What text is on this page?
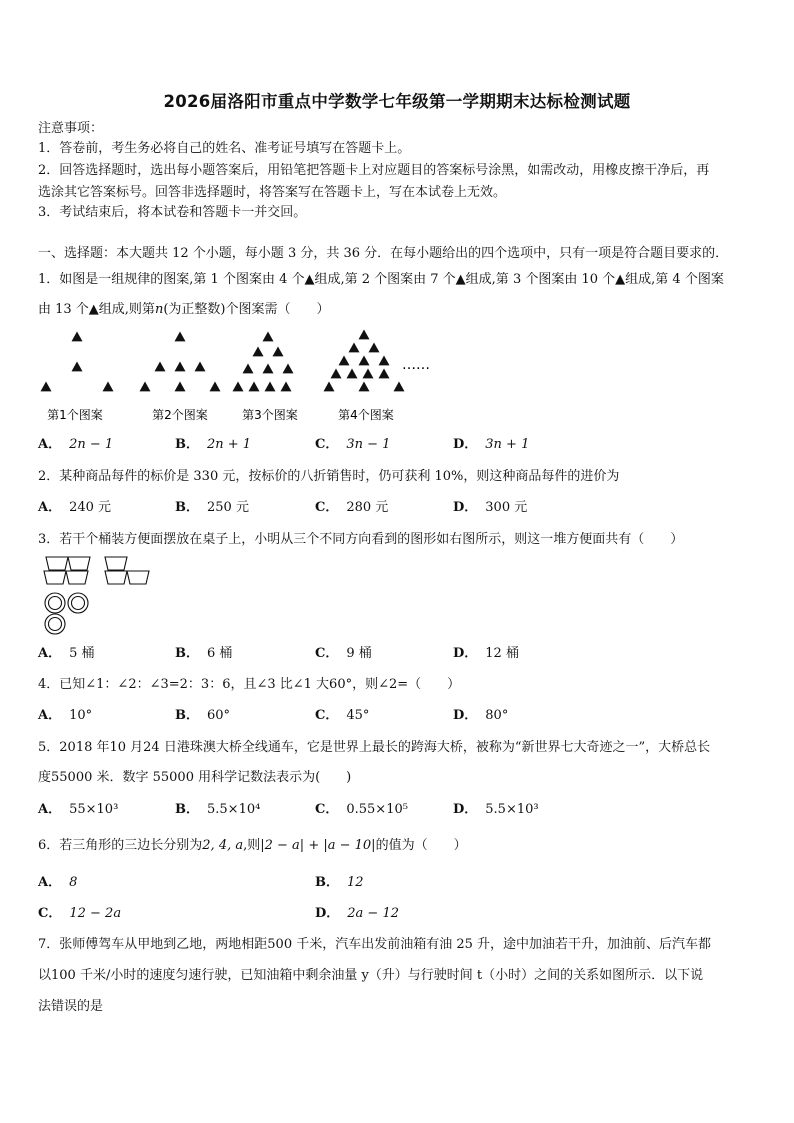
2026届洛阳市重点中学数学七年级第一学期期末达标检测试题
注意事项：
1．答卷前，考生务必将自己的姓名、准考证号填写在答题卡上。
2．回答选择题时，选出每小题答案后，用铅笔把答题卡上对应题目的答案标号涂黑，如需改动，用橡皮擦干净后，再
选涂其它答案标号。回答非选择题时，将答案写在答题卡上，写在本试卷上无效。
3．考试结束后，将本试卷和答题卡一并交回。
一、选择题：本大题共 12 个小题，每小题 3 分，共 36 分．在每小题给出的四个选项中，只有一项是符合题目要求的．
1．如图是一组规律的图案,第 1 个图案由 4 个▲组成,第 2 个图案由 7 个▲组成,第 3 个图案由 10 个▲组成,第 4 个图案
由 13 个▲组成,则第n(为正整数)个图案需（　　）
第1个图案	第2个图案	第3个图案	第4个图案
……
A． 2n − 1	B． 2n + 1	C． 3n − 1	D． 3n + 1
2．某种商品每件的标价是 330 元，按标价的八折销售时，仍可获利 10%，则这种商品每件的进价为
A． 240 元	B． 250 元	C． 280 元	D． 300 元
3．若干个桶装方便面摆放在桌子上，小明从三个不同方向看到的图形如右图所示，则这一堆方便面共有（　　）
A． 5 桶	B． 6 桶	C． 9 桶	D． 12 桶
4．已知∠1：∠2：∠3=2：3：6，且∠3 比∠1 大60°，则∠2=（　　）
A． 10°	B． 60°	C． 45°	D． 80°
5．2018 年10 月24 日港珠澳大桥全线通车，它是世界上最长的跨海大桥，被称为“新世界七大奇迹之一”，大桥总长
度55000 米．数字 55000 用科学记数法表示为(　　)
A． 55×10³	B． 5.5×10⁴	C． 0.55×10⁵	D． 5.5×10³
6．若三角形的三边长分别为2, 4, a,则|2 − a| + |a − 10|的值为（　　）
A． 8	B． 12
C． 12 − 2a	D． 2a − 12
7．张师傅驾车从甲地到乙地，两地相距500 千米，汽车出发前油箱有油 25 升，途中加油若干升，加油前、后汽车都
以100 千米/小时的速度匀速行驶，已知油箱中剩余油量 y（升）与行驶时间 t（小时）之间的关系如图所示．以下说
法错误的是
